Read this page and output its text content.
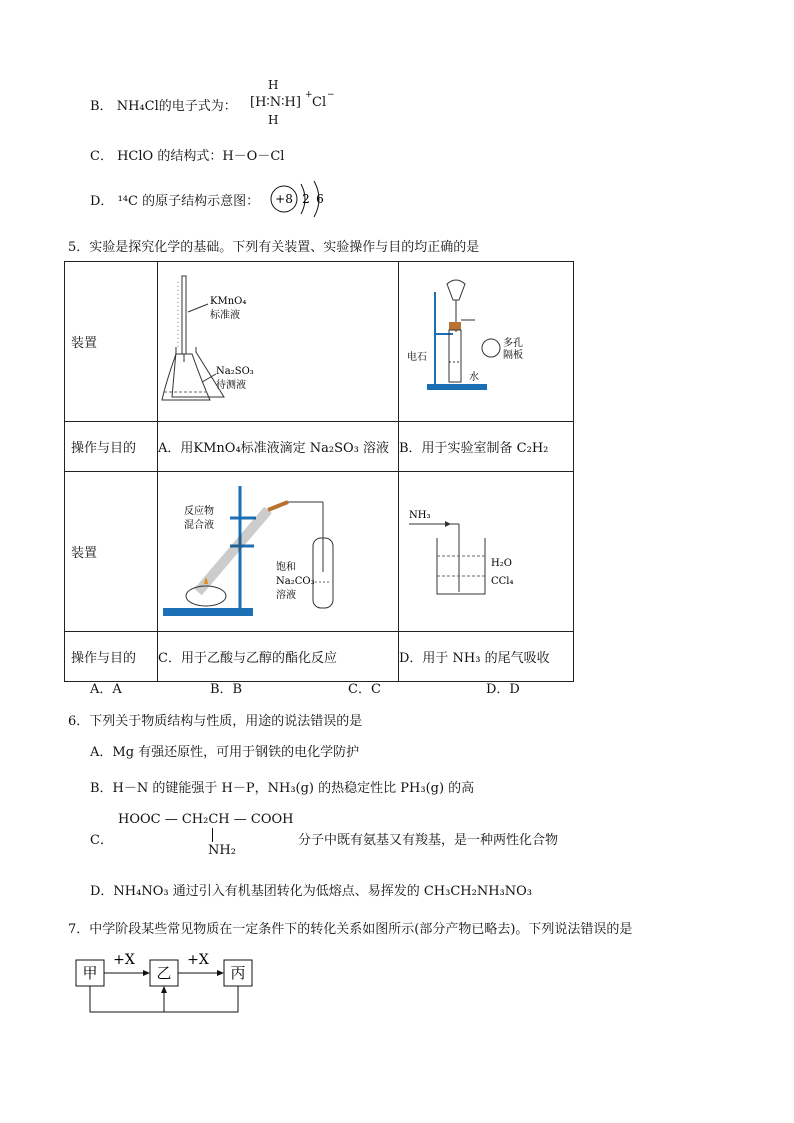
B． NH₄Cl的电子式为：
H
[H∶N∶H] + Cl −
H
C． HClO 的结构式：H－O－Cl
D． ¹⁴C 的原子结构示意图： +8 2 6
5．实验是探究化学的基础。下列有关装置、实验操作与目的均正确的是
装置	KMnO₄
标准液
Na₂SO₃
待测液	多孔
隔板
电石
水

操作与目的	A．用KMnO₄标准液滴定 Na₂SO₃ 溶液	B．用于实验室制备 C₂H₂
装置	反应物
混合液
饱和
Na₂CO₃
溶液	NH₃
H₂O
CCl₄

操作与目的	C．用于乙酸与乙醇的酯化反应	D．用于 NH₃ 的尾气吸收
A．A	B．B	C．C	D．D
6．下列关于物质结构与性质，用途的说法错误的是
A．Mg 有强还原性，可用于钢铁的电化学防护
B．H－N 的键能强于 H－P，NH₃(g) 的热稳定性比 PH₃(g) 的高
C．
HOOC — CH₂CH — COOH
NH₂
分子中既有氨基又有羧基，是一种两性化合物
D．NH₄NO₃ 通过引入有机基团转化为低熔点、易挥发的 CH₃CH₂NH₃NO₃
7．中学阶段某些常见物质在一定条件下的转化关系如图所示(部分产物已略去)。下列说法错误的是
甲	乙	丙
+X	+X
